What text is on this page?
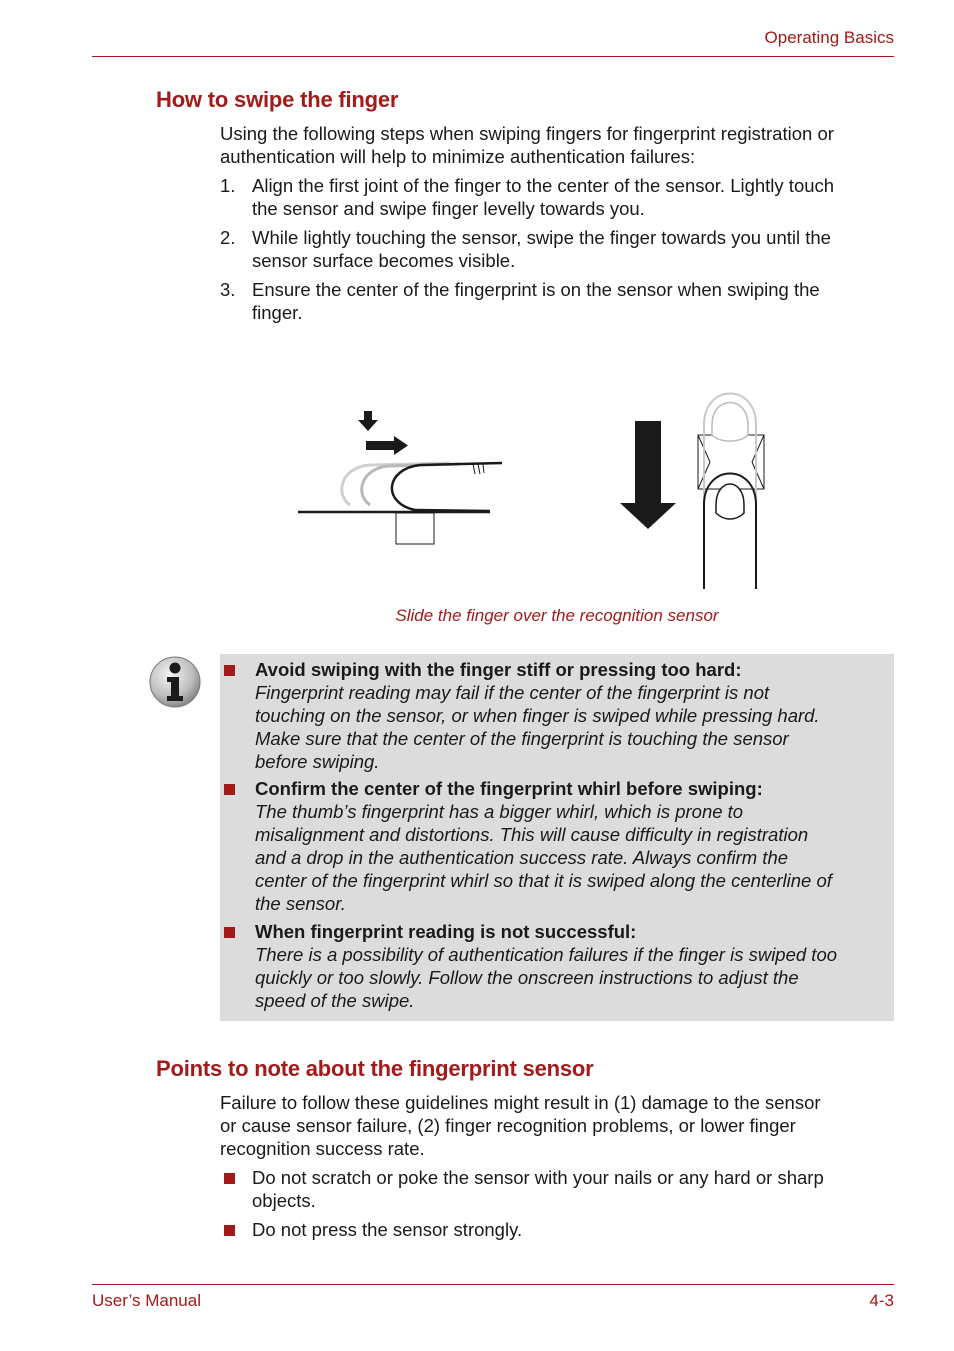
Operating Basics
How to swipe the finger
Using the following steps when swiping fingers for fingerprint registration or
authentication will help to minimize authentication failures:
1. Align the first joint of the finger to the center of the sensor. Lightly touch
the sensor and swipe finger levelly towards you.
2. While lightly touching the sensor, swipe the finger towards you until the
sensor surface becomes visible.
3. Ensure the center of the fingerprint is on the sensor when swiping the
finger.
Slide the finger over the recognition sensor
Avoid swiping with the finger stiff or pressing too hard:
Fingerprint reading may fail if the center of the fingerprint is not
touching on the sensor, or when finger is swiped while pressing hard.
Make sure that the center of the fingerprint is touching the sensor
before swiping.
Confirm the center of the fingerprint whirl before swiping:
The thumb’s fingerprint has a bigger whirl, which is prone to
misalignment and distortions. This will cause difficulty in registration
and a drop in the authentication success rate. Always confirm the
center of the fingerprint whirl so that it is swiped along the centerline of
the sensor.
When fingerprint reading is not successful:
There is a possibility of authentication failures if the finger is swiped too
quickly or too slowly. Follow the onscreen instructions to adjust the
speed of the swipe.
Points to note about the fingerprint sensor
Failure to follow these guidelines might result in (1) damage to the sensor
or cause sensor failure, (2) finger recognition problems, or lower finger
recognition success rate.
Do not scratch or poke the sensor with your nails or any hard or sharp
objects.
Do not press the sensor strongly.
User’s Manual	4-3
